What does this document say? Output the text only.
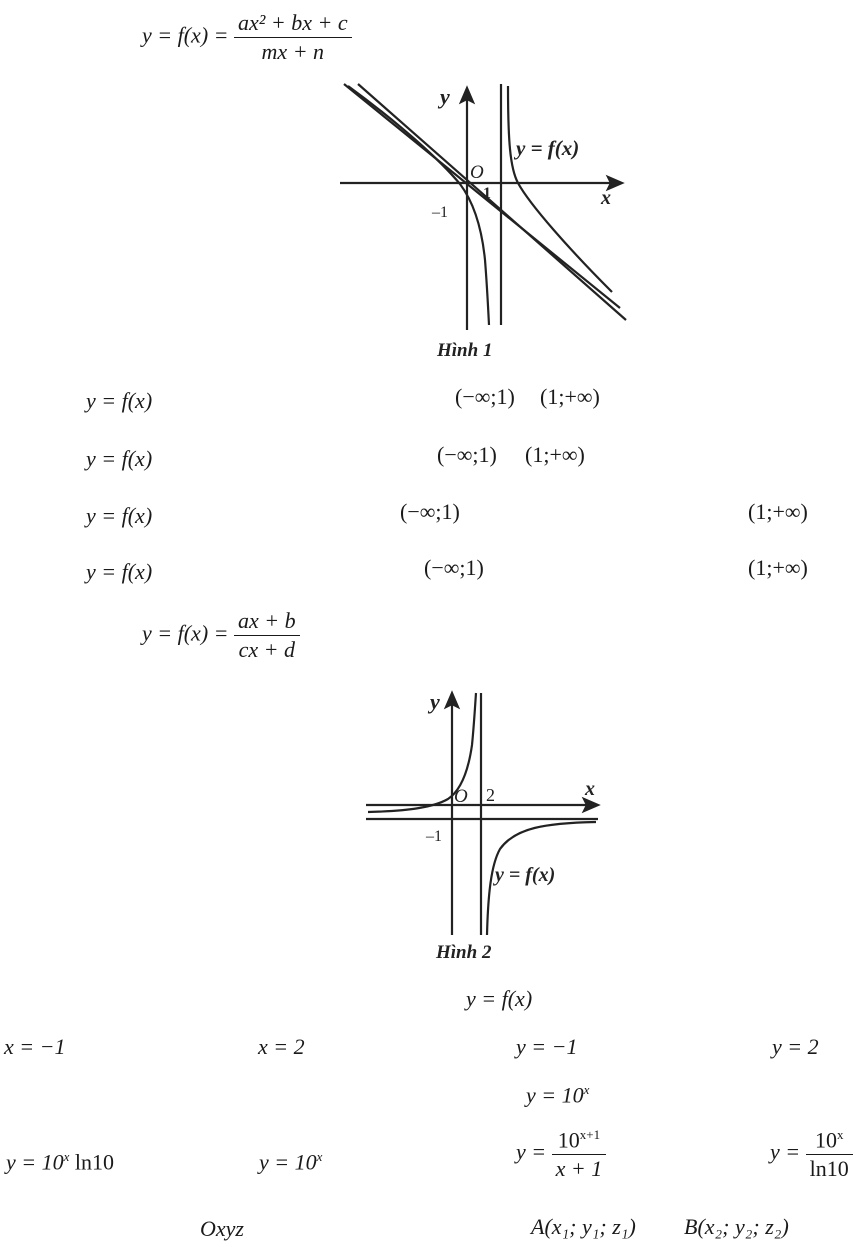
$y = f(x) = \frac{\text{ax² + bx + c}}{mx + n}$
y
O
1
–1
x
y = f(x)
Hình 1
y = f(x)	(−∞;1) (1;+∞)
y = f(x)	(−∞;1) (1;+∞)
y = f(x)	(−∞;1)	(1;+∞)
y = f(x)	(−∞;1)	(1;+∞)
$y = f(x) = \frac{ax + b}{cx + d}$
y
O 2
–1
x
y = f(x)
Hình 2
y = f(x)
x = −1	x = 2	y = −1	y = 2
$y = 10^x$
$y = 10^x$ ln10	$y = 10^x$	$y = \frac{10^{x+1}}{x + 1}$	$y = \frac{10^x}{\ln 10}$
Oxyz	A(x₁; y₁; z₁) B(x₂; y₂; z₂)
